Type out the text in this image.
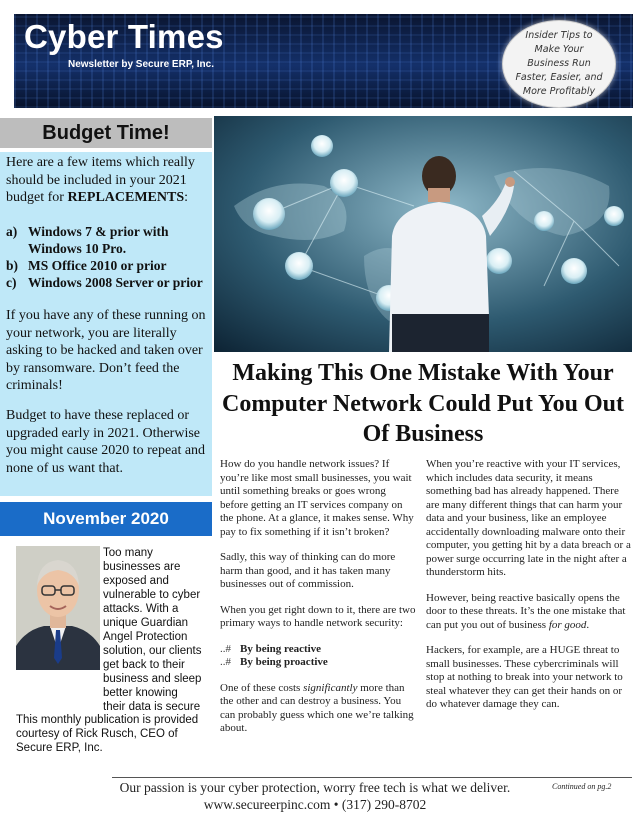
Cyber Times
Newsletter by Secure ERP, Inc.
Insider Tips to Make Your Business Run Faster, Easier, and More Profitably
Budget Time!
Here are a few items which really should be included in your 2021 budget for REPLACEMENTS:
a) Windows 7 & prior with
Windows 10 Pro.
b) MS Office 2010 or prior
c) Windows 2008 Server or prior
If you have any of these running on your network, you are literally asking to be hacked and taken over by ransomware. Don’t feed the criminals!
Budget to have these replaced or upgraded early in 2021. Otherwise you might cause 2020 to repeat and none of us want that.
November 2020
Too many businesses are exposed and vulnerable to cyber attacks. With a unique Guardian Angel Protection solution, our clients get back to their business and sleep better knowing their data is secure
This monthly publication is provided courtesy of Rick Rusch, CEO of Secure ERP, Inc.
Making This One Mistake With Your Computer Network Could Put You Out Of Business

How do you handle network issues? If you’re like most small businesses, you wait until something breaks or goes wrong before getting an IT services company on the phone. At a glance, it makes sense. Why pay to fix something if it isn’t broken?

Sadly, this way of thinking can do more harm than good, and it has taken many businesses out of commission.

When you get right down to it, there are two primary ways to handle network security:

..# By being reactive
..# By being proactive

One of these costs significantly more than the other and can destroy a business. You can probably guess which one we’re talking about.

When you’re reactive with your IT services, which includes data security, it means something bad has already happened. There are many different things that can harm your data and your business, like an employee accidentally downloading malware onto their computer, you getting hit by a data breach or a power surge occurring late in the night after a thunderstorm hits.

However, being reactive basically opens the door to these threats. It’s the one mistake that can put you out of business for good.

Hackers, for example, are a HUGE threat to small businesses. These cybercriminals will stop at nothing to break into your network to steal whatever they can get their hands on or do whatever damage they can.

Our passion is your cyber protection, worry free tech is what we deliver.
www.secureerpinc.com • (317) 290-8702
Continued on pg.2
